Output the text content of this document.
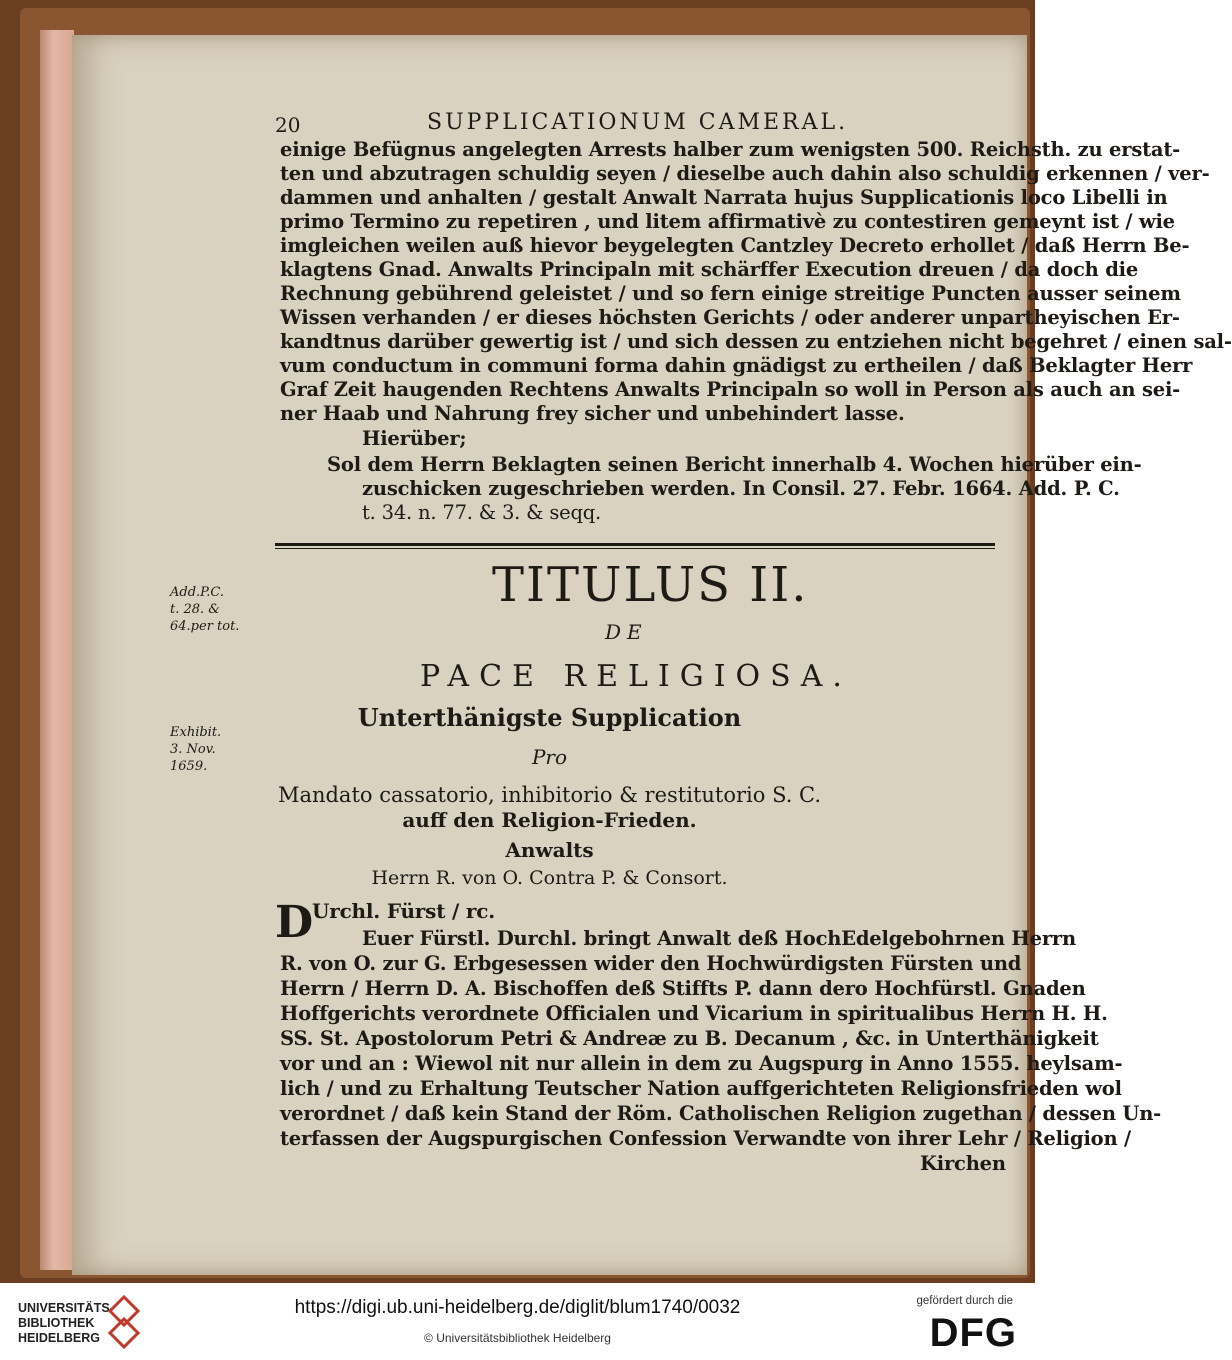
20	SUPPLICATIONUM CAMERAL.
einige Befügnus angelegten Arrests halber zum wenigsten 500. Reichsth. zu erstat-
ten und abzutragen schuldig seyen / dieselbe auch dahin also schuldig erkennen / ver-
dammen und anhalten / gestalt Anwalt Narrata hujus Supplicationis loco Libelli in
primo Termino zu repetiren , und litem affirmativè zu contestiren gemeynt ist / wie
imgleichen weilen auß hievor beygelegten Cantzley Decreto erhollet / daß Herrn Be-
klagtens Gnad. Anwalts Principaln mit schärffer Execution dreuen / da doch die
Rechnung gebührend geleistet / und so fern einige streitige Puncten ausser seinem
Wissen verhanden / er dieses höchsten Gerichts / oder anderer unpartheyischen Er-
kandtnus darüber gewertig ist / und sich dessen zu entziehen nicht begehret / einen sal-
vum conductum in communi forma dahin gnädigst zu ertheilen / daß Beklagter Herr
Graf Zeit haugenden Rechtens Anwalts Principaln so woll in Person als auch an sei-
ner Haab und Nahrung frey sicher und unbehindert lasse.
Hierüber;
Sol dem Herrn Beklagten seinen Bericht innerhalb 4. Wochen hierüber ein-
zuschicken zugeschrieben werden. In Consil. 27. Febr. 1664. Add. P. C.
t. 34. n. 77. & 3. & seqq.
Add.P.C.
t. 28. &
64.per tot.
TITULUS II.
DE
PACE RELIGIOSA.
Exhibit.
3. Nov.
1659.
Unterthänigste Supplication
Pro
Mandato cassatorio, inhibitorio & restitutorio S. C.
auff den Religion-Frieden.
Anwalts
Herrn R. von O. Contra P. & Consort.
D
Urchl. Fürst / rc.
Euer Fürstl. Durchl. bringt Anwalt deß HochEdelgebohrnen Herrn
R. von O. zur G. Erbgesessen wider den Hochwürdigsten Fürsten und
Herrn / Herrn D. A. Bischoffen deß Stiffts P. dann dero Hochfürstl. Gnaden
Hoffgerichts verordnete Officialen und Vicarium in spiritualibus Herrn H. H.
SS. St. Apostolorum Petri & Andreæ zu B. Decanum , &c. in Unterthänigkeit
vor und an : Wiewol nit nur allein in dem zu Augspurg in Anno 1555. heylsam-
lich / und zu Erhaltung Teutscher Nation auffgerichteten Religionsfrieden wol
verordnet / daß kein Stand der Röm. Catholischen Religion zugethan / dessen Un-
terfassen der Augspurgischen Confession Verwandte von ihrer Lehr / Religion /
Kirchen
UNIVERSITÄTS-
BIBLIOTHEK
HEIDELBERG
https://digi.ub.uni-heidelberg.de/diglit/blum1740/0032
© Universitätsbibliothek Heidelberg
gefördert durch die
DFG
